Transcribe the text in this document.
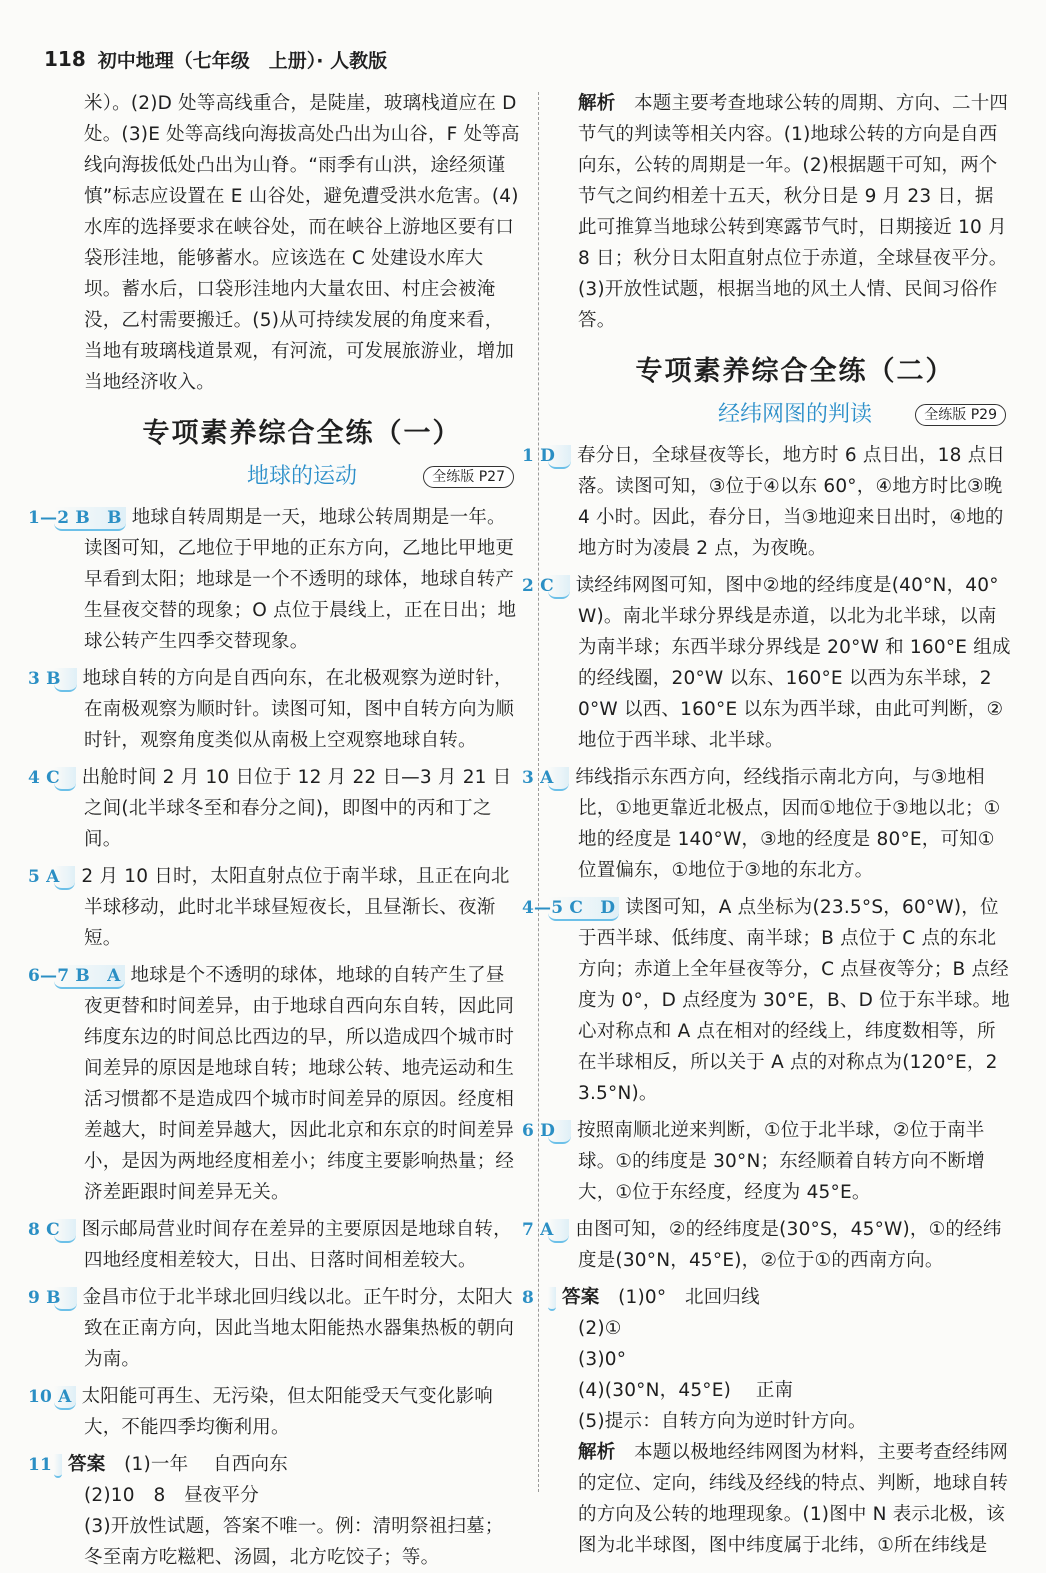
118 初中地理（七年级　上册）· 人教版

米）。(2)D 处等高线重合，是陡崖，玻璃栈道应在 D 处。(3)E 处等高线向海拔高处凸出为山谷，F 处等高线向海拔低处凸出为山脊。“雨季有山洪，途经须谨慎”标志应设置在 E 山谷处，避免遭受洪水危害。(4)水库的选择要求在峡谷处，而在峡谷上游地区要有口袋形洼地，能够蓄水。应该选在 C 处建设水库大坝。蓄水后，口袋形洼地内大量农田、村庄会被淹没，乙村需要搬迁。(5)从可持续发展的角度来看，当地有玻璃栈道景观，有河流，可发展旅游业，增加当地经济收入。

专项素养综合全练（一）
地球的运动	全练版 P27

1—2 B　B 地球自转周期是一天，地球公转周期是一年。读图可知，乙地位于甲地的正东方向，乙地比甲地更早看到太阳；地球是一个不透明的球体，地球自转产生昼夜交替的现象；O 点位于晨线上，正在日出；地球公转产生四季交替现象。

3 B 地球自转的方向是自西向东，在北极观察为逆时针，在南极观察为顺时针。读图可知，图中自转方向为顺时针，观察角度类似从南极上空观察地球自转。

4 C 出舱时间 2 月 10 日位于 12 月 22 日—3 月 21 日之间(北半球冬至和春分之间)，即图中的丙和丁之间。

5 A 2 月 10 日时，太阳直射点位于南半球，且正在向北半球移动，此时北半球昼短夜长，且昼渐长、夜渐短。

6—7 B　A 地球是个不透明的球体，地球的自转产生了昼夜更替和时间差异，由于地球自西向东自转，因此同纬度东边的时间总比西边的早，所以造成四个城市时间差异的原因是地球自转；地球公转、地壳运动和生活习惯都不是造成四个城市时间差异的原因。经度相差越大，时间差异越大，因此北京和东京的时间差异小，是因为两地经度相差小；纬度主要影响热量；经济差距跟时间差异无关。

8 C 图示邮局营业时间存在差异的主要原因是地球自转，四地经度相差较大，日出、日落时间相差较大。

9 B 金昌市位于北半球北回归线以北。正午时分，太阳大致在正南方向，因此当地太阳能热水器集热板的朝向为南。

10 A 太阳能可再生、无污染，但太阳能受天气变化影响大，不能四季均衡利用。

11 答案　 (1)一年　 自西向东

(2)10　8　昼夜平分

(3)开放性试题，答案不唯一。例：清明祭祖扫墓；冬至南方吃糍粑、汤圆，北方吃饺子；等。

解析　 本题主要考查地球公转的周期、方向、二十四节气的判读等相关内容。(1)地球公转的方向是自西向东，公转的周期是一年。(2)根据题干可知，两个节气之间约相差十五天，秋分日是 9 月 23 日，据此可推算当地球公转到寒露节气时，日期接近 10 月 8 日；秋分日太阳直射点位于赤道，全球昼夜平分。(3)开放性试题，根据当地的风土人情、民间习俗作答。

专项素养综合全练（二）
经纬网图的判读	全练版 P29

1 D 春分日，全球昼夜等长，地方时 6 点日出，18 点日落。读图可知，③位于④以东 60°，④地方时比③晚 4 小时。因此，春分日，当③地迎来日出时，④地的地方时为凌晨 2 点，为夜晚。

2 C 读经纬网图可知，图中②地的经纬度是(40°N，40°W)。南北半球分界线是赤道，以北为北半球，以南为南半球；东西半球分界线是 20°W 和 160°E 组成的经线圈，20°W 以东、160°E 以西为东半球，20°W 以西、160°E 以东为西半球，由此可判断，②地位于西半球、北半球。

3 A 纬线指示东西方向，经线指示南北方向，与③地相比，①地更靠近北极点，因而①地位于③地以北；①地的经度是 140°W，③地的经度是 80°E，可知①位置偏东，①地位于③地的东北方。

4—5 C　D 读图可知，A 点坐标为(23.5°S，60°W)，位于西半球、低纬度、南半球；B 点位于 C 点的东北方向；赤道上全年昼夜等分，C 点昼夜等分；B 点经度为 0°，D 点经度为 30°E，B、D 位于东半球。地心对称点和 A 点在相对的经线上，纬度数相等，所在半球相反，所以关于 A 点的对称点为(120°E，23.5°N)。

6 D 按照南顺北逆来判断，①位于北半球，②位于南半球。①的纬度是 30°N；东经顺着自转方向不断增大，①位于东经度，经度为 45°E。

7 A 由图可知，②的经纬度是(30°S，45°W)，①的经纬度是(30°N，45°E)，②位于①的西南方向。

8 答案　 (1)0°　北回归线

(2)①

(3)0°

(4)(30°N，45°E)　 正南

(5)提示：自转方向为逆时针方向。

解析　 本题以极地经纬网图为材料，主要考查经纬网的定位、定向，纬线及经线的特点、判断，地球自转的方向及公转的地理现象。(1)图中 N 表示北极，该图为北半球图，图中纬度属于北纬，①所在纬线是
